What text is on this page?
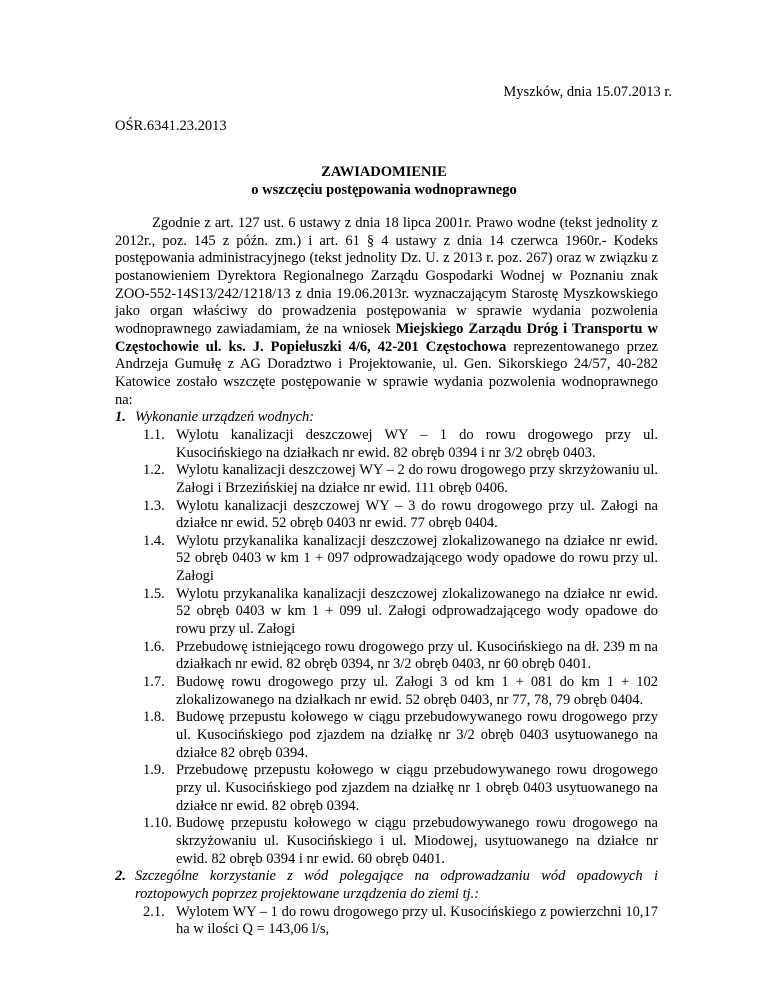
Myszków, dnia 15.07.2013 r.
OŚR.6341.23.2013
ZAWIADOMIENIE
o wszczęciu postępowania wodnoprawnego

Zgodnie z art. 127 ust. 6 ustawy z dnia 18 lipca 2001r. Prawo wodne (tekst jednolity z 2012r., poz. 145 z późn. zm.) i art. 61 § 4 ustawy z dnia 14 czerwca 1960r.- Kodeks postępowania administracyjnego (tekst jednolity Dz. U. z 2013 r. poz. 267) oraz w związku z postanowieniem Dyrektora Regionalnego Zarządu Gospodarki Wodnej w Poznaniu znak ZOO-552-14S13/242/1218/13 z dnia 19.06.2013r. wyznaczającym Starostę Myszkowskiego jako organ właściwy do prowadzenia postępowania w sprawie wydania pozwolenia wodnoprawnego zawiadamiam, że na wniosek Miejskiego Zarządu Dróg i Transportu w Częstochowie ul. ks. J. Popiełuszki 4/6, 42-201 Częstochowa reprezentowanego przez Andrzeja Gumułę z AG Doradztwo i Projektowanie, ul. Gen. Sikorskiego 24/57, 40-282 Katowice zostało wszczęte postępowanie w sprawie wydania pozwolenia wodnoprawnego na:

1. Wykonanie urządzeń wodnych:
1.1. Wylotu kanalizacji deszczowej WY – 1 do rowu drogowego przy ul. Kusocińskiego na działkach nr ewid. 82 obręb 0394 i nr 3/2 obręb 0403.
1.2. Wylotu kanalizacji deszczowej WY – 2 do rowu drogowego przy skrzyżowaniu ul. Załogi i Brzezińskiej na działce nr ewid. 111 obręb 0406.
1.3. Wylotu kanalizacji deszczowej WY – 3 do rowu drogowego przy ul. Załogi na działce nr ewid. 52 obręb 0403 nr ewid. 77 obręb 0404.
1.4. Wylotu przykanalika kanalizacji deszczowej zlokalizowanego na działce nr ewid. 52 obręb 0403 w km 1 + 097 odprowadzającego wody opadowe do rowu przy ul. Załogi
1.5. Wylotu przykanalika kanalizacji deszczowej zlokalizowanego na działce nr ewid. 52 obręb 0403 w km 1 + 099 ul. Załogi odprowadzającego wody opadowe do rowu przy ul. Załogi
1.6. Przebudowę istniejącego rowu drogowego przy ul. Kusocińskiego na dł. 239 m na działkach nr ewid. 82 obręb 0394, nr 3/2 obręb 0403, nr 60 obręb 0401.
1.7. Budowę rowu drogowego przy ul. Załogi 3 od km 1 + 081 do km 1 + 102 zlokalizowanego na działkach nr ewid. 52 obręb 0403, nr 77, 78, 79 obręb 0404.
1.8. Budowę przepustu kołowego w ciągu przebudowywanego rowu drogowego przy ul. Kusocińskiego pod zjazdem na działkę nr 3/2 obręb 0403 usytuowanego na działce 82 obręb 0394.
1.9. Przebudowę przepustu kołowego w ciągu przebudowywanego rowu drogowego przy ul. Kusocińskiego pod zjazdem na działkę nr 1 obręb 0403 usytuowanego na działce nr ewid. 82 obręb 0394.
1.10. Budowę przepustu kołowego w ciągu przebudowywanego rowu drogowego na skrzyżowaniu ul. Kusocińskiego i ul. Miodowej, usytuowanego na działce nr ewid. 82 obręb 0394 i nr ewid. 60 obręb 0401.
2. Szczególne korzystanie z wód polegające na odprowadzaniu wód opadowych i roztopowych poprzez projektowane urządzenia do ziemi tj.:
2.1. Wylotem WY – 1 do rowu drogowego przy ul. Kusocińskiego z powierzchni 10,17 ha w ilości Q = 143,06 l/s,
